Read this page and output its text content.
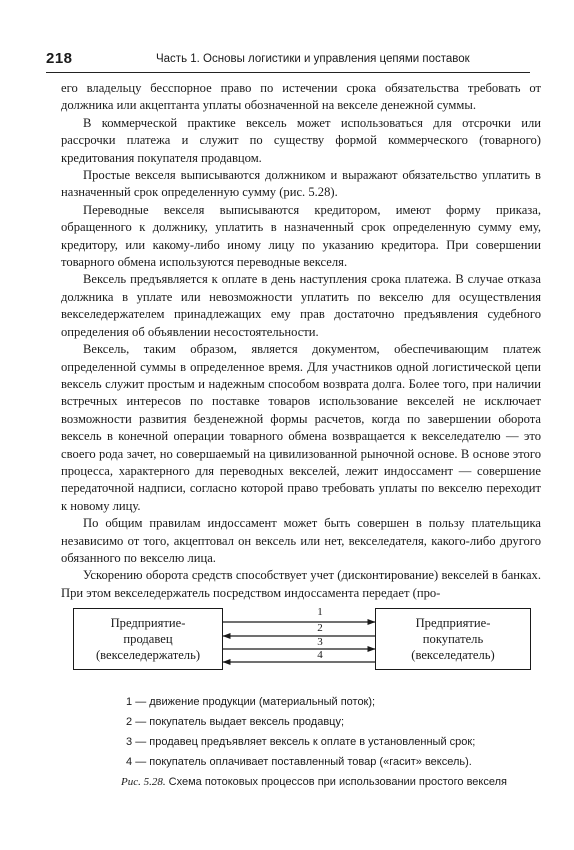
218	Часть 1. Основы логистики и управления цепями поставок

его владельцу бесспорное право по истечении срока обязательства требовать от должника или акцептанта уплаты обозначенной на векселе денежной суммы.

В коммерческой практике вексель может использоваться для отсрочки или рассрочки платежа и служит по существу формой коммерческого (товарного) кредитования покупателя продавцом.

Простые векселя выписываются должником и выражают обязательство уплатить в назначенный срок определенную сумму (рис. 5.28).

Переводные векселя выписываются кредитором, имеют форму приказа, обращенного к должнику, уплатить в назначенный срок определенную сумму ему, кредитору, или какому-либо иному лицу по указанию кредитора. При совершении товарного обмена используются переводные векселя.

Вексель предъявляется к оплате в день наступления срока платежа. В случае отказа должника в уплате или невозможности уплатить по векселю для осуществления векселедержателем принадлежащих ему прав достаточно предъявления судебного определения об объявлении несостоятельности.

Вексель, таким образом, является документом, обеспечивающим платеж определенной суммы в определенное время. Для участников одной логистической цепи вексель служит простым и надежным способом возврата долга. Более того, при наличии встречных интересов по поставке товаров использование векселей не исключает возможности развития безденежной формы расчетов, когда по завершении оборота вексель в конечной операции товарного обмена возвращается к векселедателю — это своего рода зачет, но совершаемый на цивилизованной рыночной основе. В основе этого процесса, характерного для переводных векселей, лежит индоссамент — совершение передаточной надписи, согласно которой право требовать уплаты по векселю переходит к новому лицу.

По общим правилам индоссамент может быть совершен в пользу плательщика независимо от того, акцептовал он вексель или нет, векселедателя, какого-либо другого обязанного по векселю лица.

Ускорению оборота средств способствует учет (дисконтирование) векселей в банках. При этом векселедержатель посредством индоссамента передает (про-

Предприятие-
продавец
(векселедержатель)
Предприятие-
покупатель
(векселедатель)
1
2
3
4
1 — движение продукции (материальный поток);
2 — покупатель выдает вексель продавцу;
3 — продавец предъявляет вексель к оплате в установленный срок;
4 — покупатель оплачивает поставленный товар («гасит» вексель).
Рис. 5.28. Схема потоковых процессов при использовании простого векселя
